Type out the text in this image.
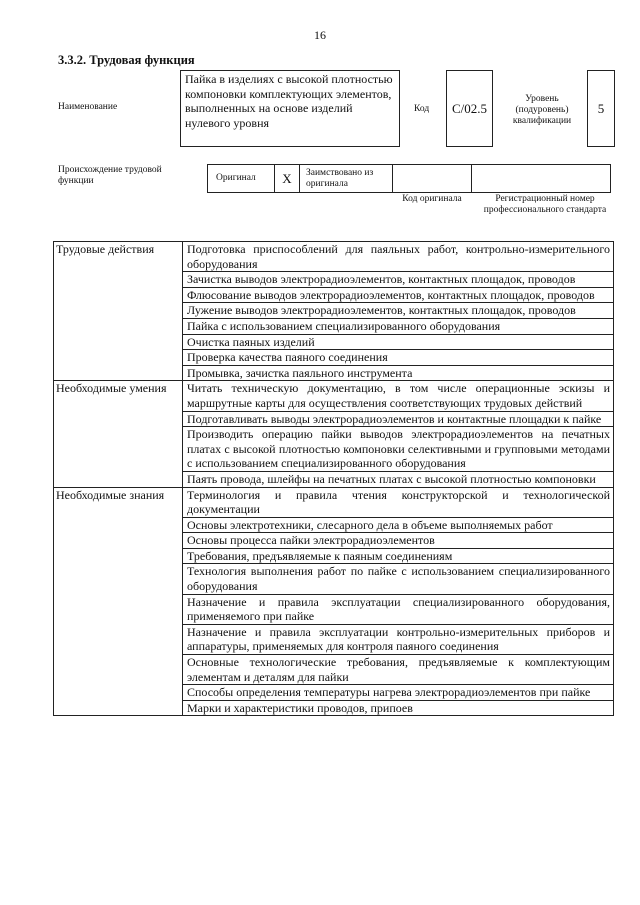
16
3.3.2. Трудовая функция
Наименование
Пайка в изделиях с высокой плотностью компоновки комплектующих элементов, выполненных на основе изделий нулевого уровня
Код	С/02.5
Уровень (подуровень) квалификации
5
Происхождение трудовой функции	Оригинал	X	Заимствовано из оригинала
Код оригинала	Регистрационный номер профессионального стандарта
Трудовые действия	Подготовка приспособлений для паяльных работ, контрольно-измерительного оборудования
	Зачистка выводов электрорадиоэлементов, контактных площадок, проводов
	Флюсование выводов электрорадиоэлементов, контактных площадок, проводов
	Лужение выводов электрорадиоэлементов, контактных площадок, проводов
	Пайка с использованием специализированного оборудования
	Очистка паяных изделий
	Проверка качества паяного соединения
	Промывка, зачистка паяльного инструмента
Необходимые умения	Читать техническую документацию, в том числе операционные эскизы и маршрутные карты для осуществления соответствующих трудовых действий
	Подготавливать выводы электрорадиоэлементов и контактные площадки к пайке
	Производить операцию пайки выводов электрорадиоэлементов на печатных платах с высокой плотностью компоновки селективными и групповыми методами с использованием специализированного оборудования
	Паять провода, шлейфы на печатных платах с высокой плотностью компоновки
Необходимые знания	Терминология и правила чтения конструкторской и технологической документации
	Основы электротехники, слесарного дела в объеме выполняемых работ
	Основы процесса пайки электрорадиоэлементов
	Требования, предъявляемые к паяным соединениям
	Технология выполнения работ по пайке с использованием специализированного оборудования
	Назначение и правила эксплуатации специализированного оборудования, применяемого при пайке
	Назначение и правила эксплуатации контрольно-измерительных приборов и аппаратуры, применяемых для контроля паяного соединения
	Основные технологические требования, предъявляемые к комплектующим элементам и деталям для пайки
	Способы определения температуры нагрева электрорадиоэлементов при пайке
	Марки и характеристики проводов, припоев
